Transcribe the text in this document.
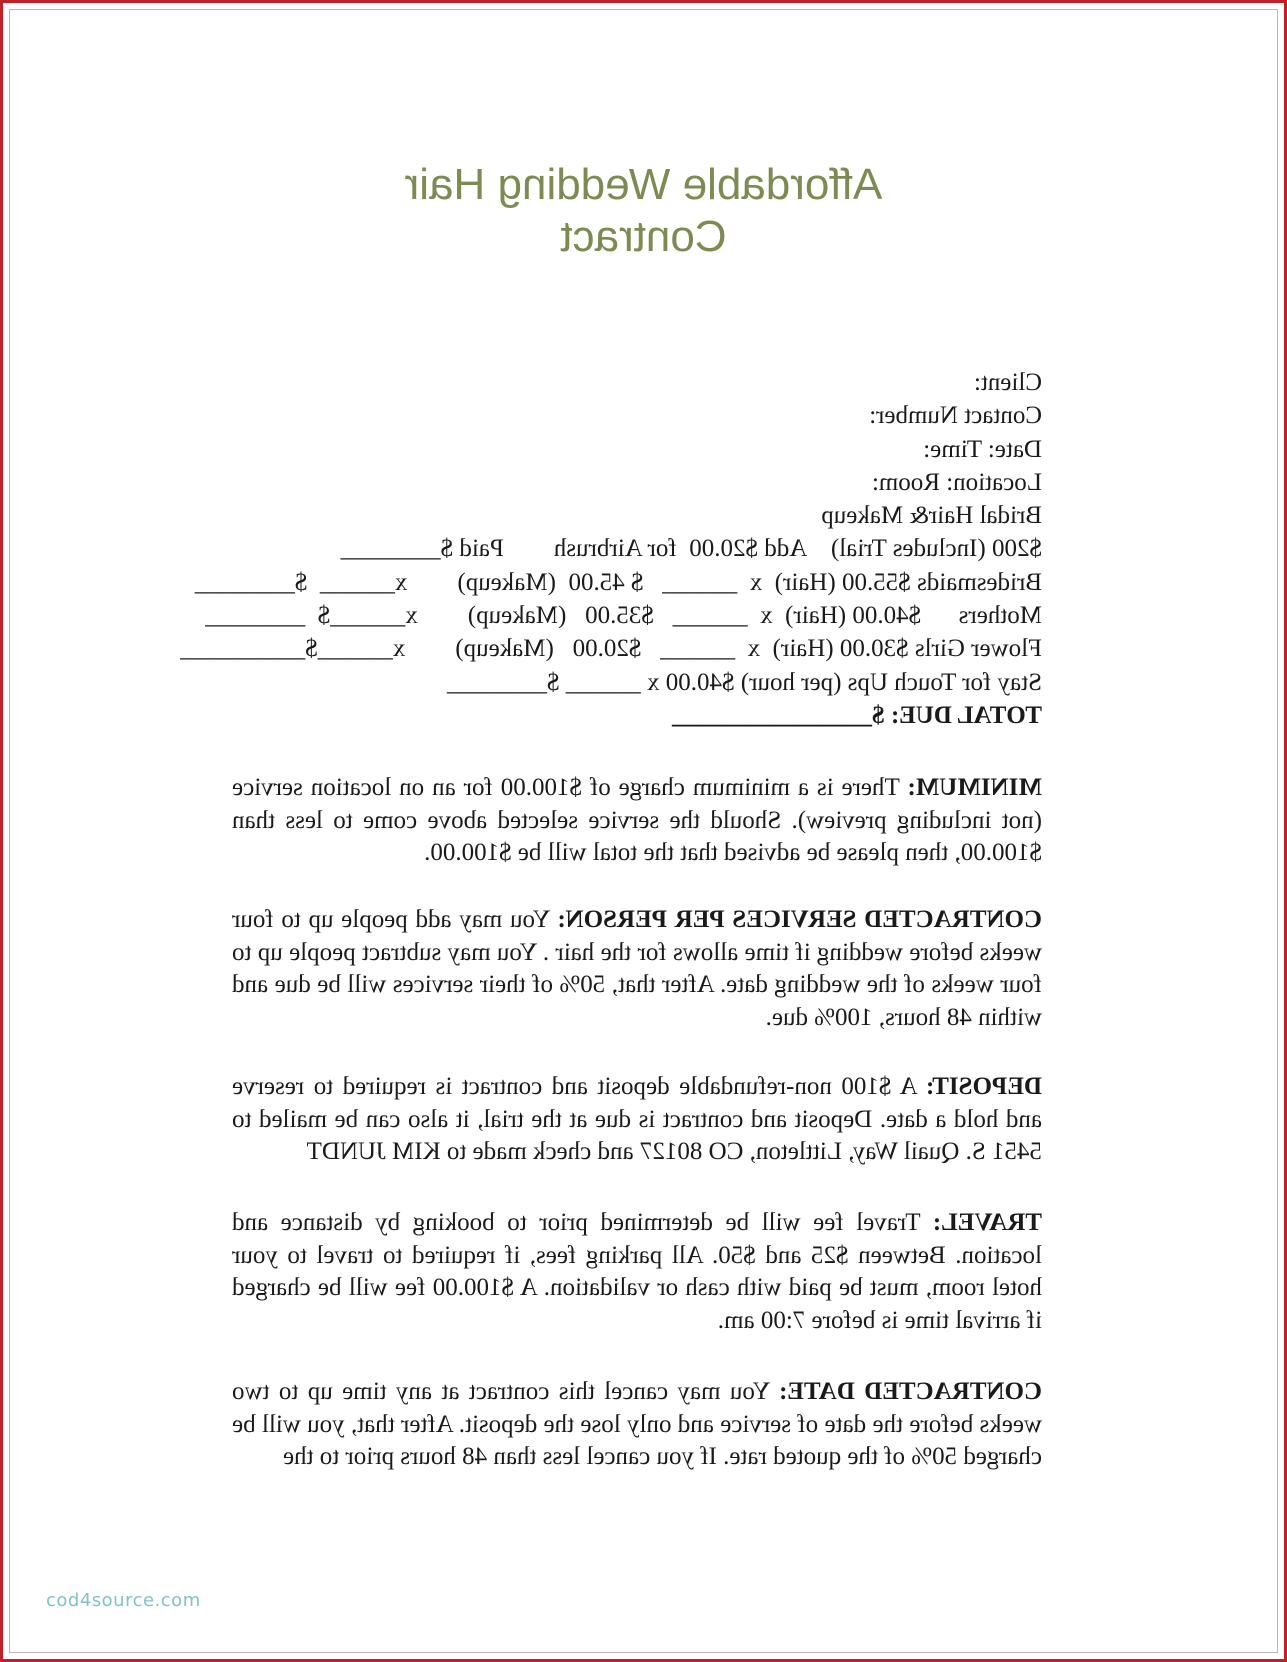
Affordable Wedding Hair
Contract
Client:
Contact Number:
Date: Time:
Location: Room:
Bridal Hair& Makeup
$200 (Includes Trial)    Add $20.00  for Airbrush        Paid $________
Bridesmaids $55.00 (Hair)  x  ______   $ 45.00  (Makeup)        x______  $________
Mothers      $40.00 (Hair)  x  ______   $35.00   (Makeup)        x______$  ________
Flower Girls $30.00 (Hair)  x  ______   $20.00   (Makeup)        x______$__________
Stay for Touch Ups (per hour) $40.00 x ______ $________
TOTAL DUE: $________________
MINIMUM: There is a minimum charge of $100.00 for an on location service (not including preview). Should the service selected above come to less than $100.00, then please be advised that the total will be $100.00.
CONTRACTED SERVICES PER PERSON: You may add people up to four weeks before wedding if time allows for the hair . You may subtract people up to four weeks of the wedding date. After that, 50% of their services will be due and within 48 hours, 100% due.
DEPOSIT: A $100 non-refundable deposit and contract is required to reserve and hold a date. Deposit and contract is due at the trial, it also can be mailed to 5451 S. Quail Way, Littleton, CO 80127 and check made to KIM JUNDT
TRAVEL: Travel fee will be determined prior to booking by distance and location. Between $25 and $50. All parking fees, if required to travel to your hotel room, must be paid with cash or validation. A $100.00 fee will be charged if arrival time is before 7:00 am.
CONTRACTED DATE: You may cancel this contract at any time up to two weeks before the date of service and only lose the deposit. After that, you will be charged 50% of the quoted rate. If you cancel less than 48 hours prior to the
cod4source.com
